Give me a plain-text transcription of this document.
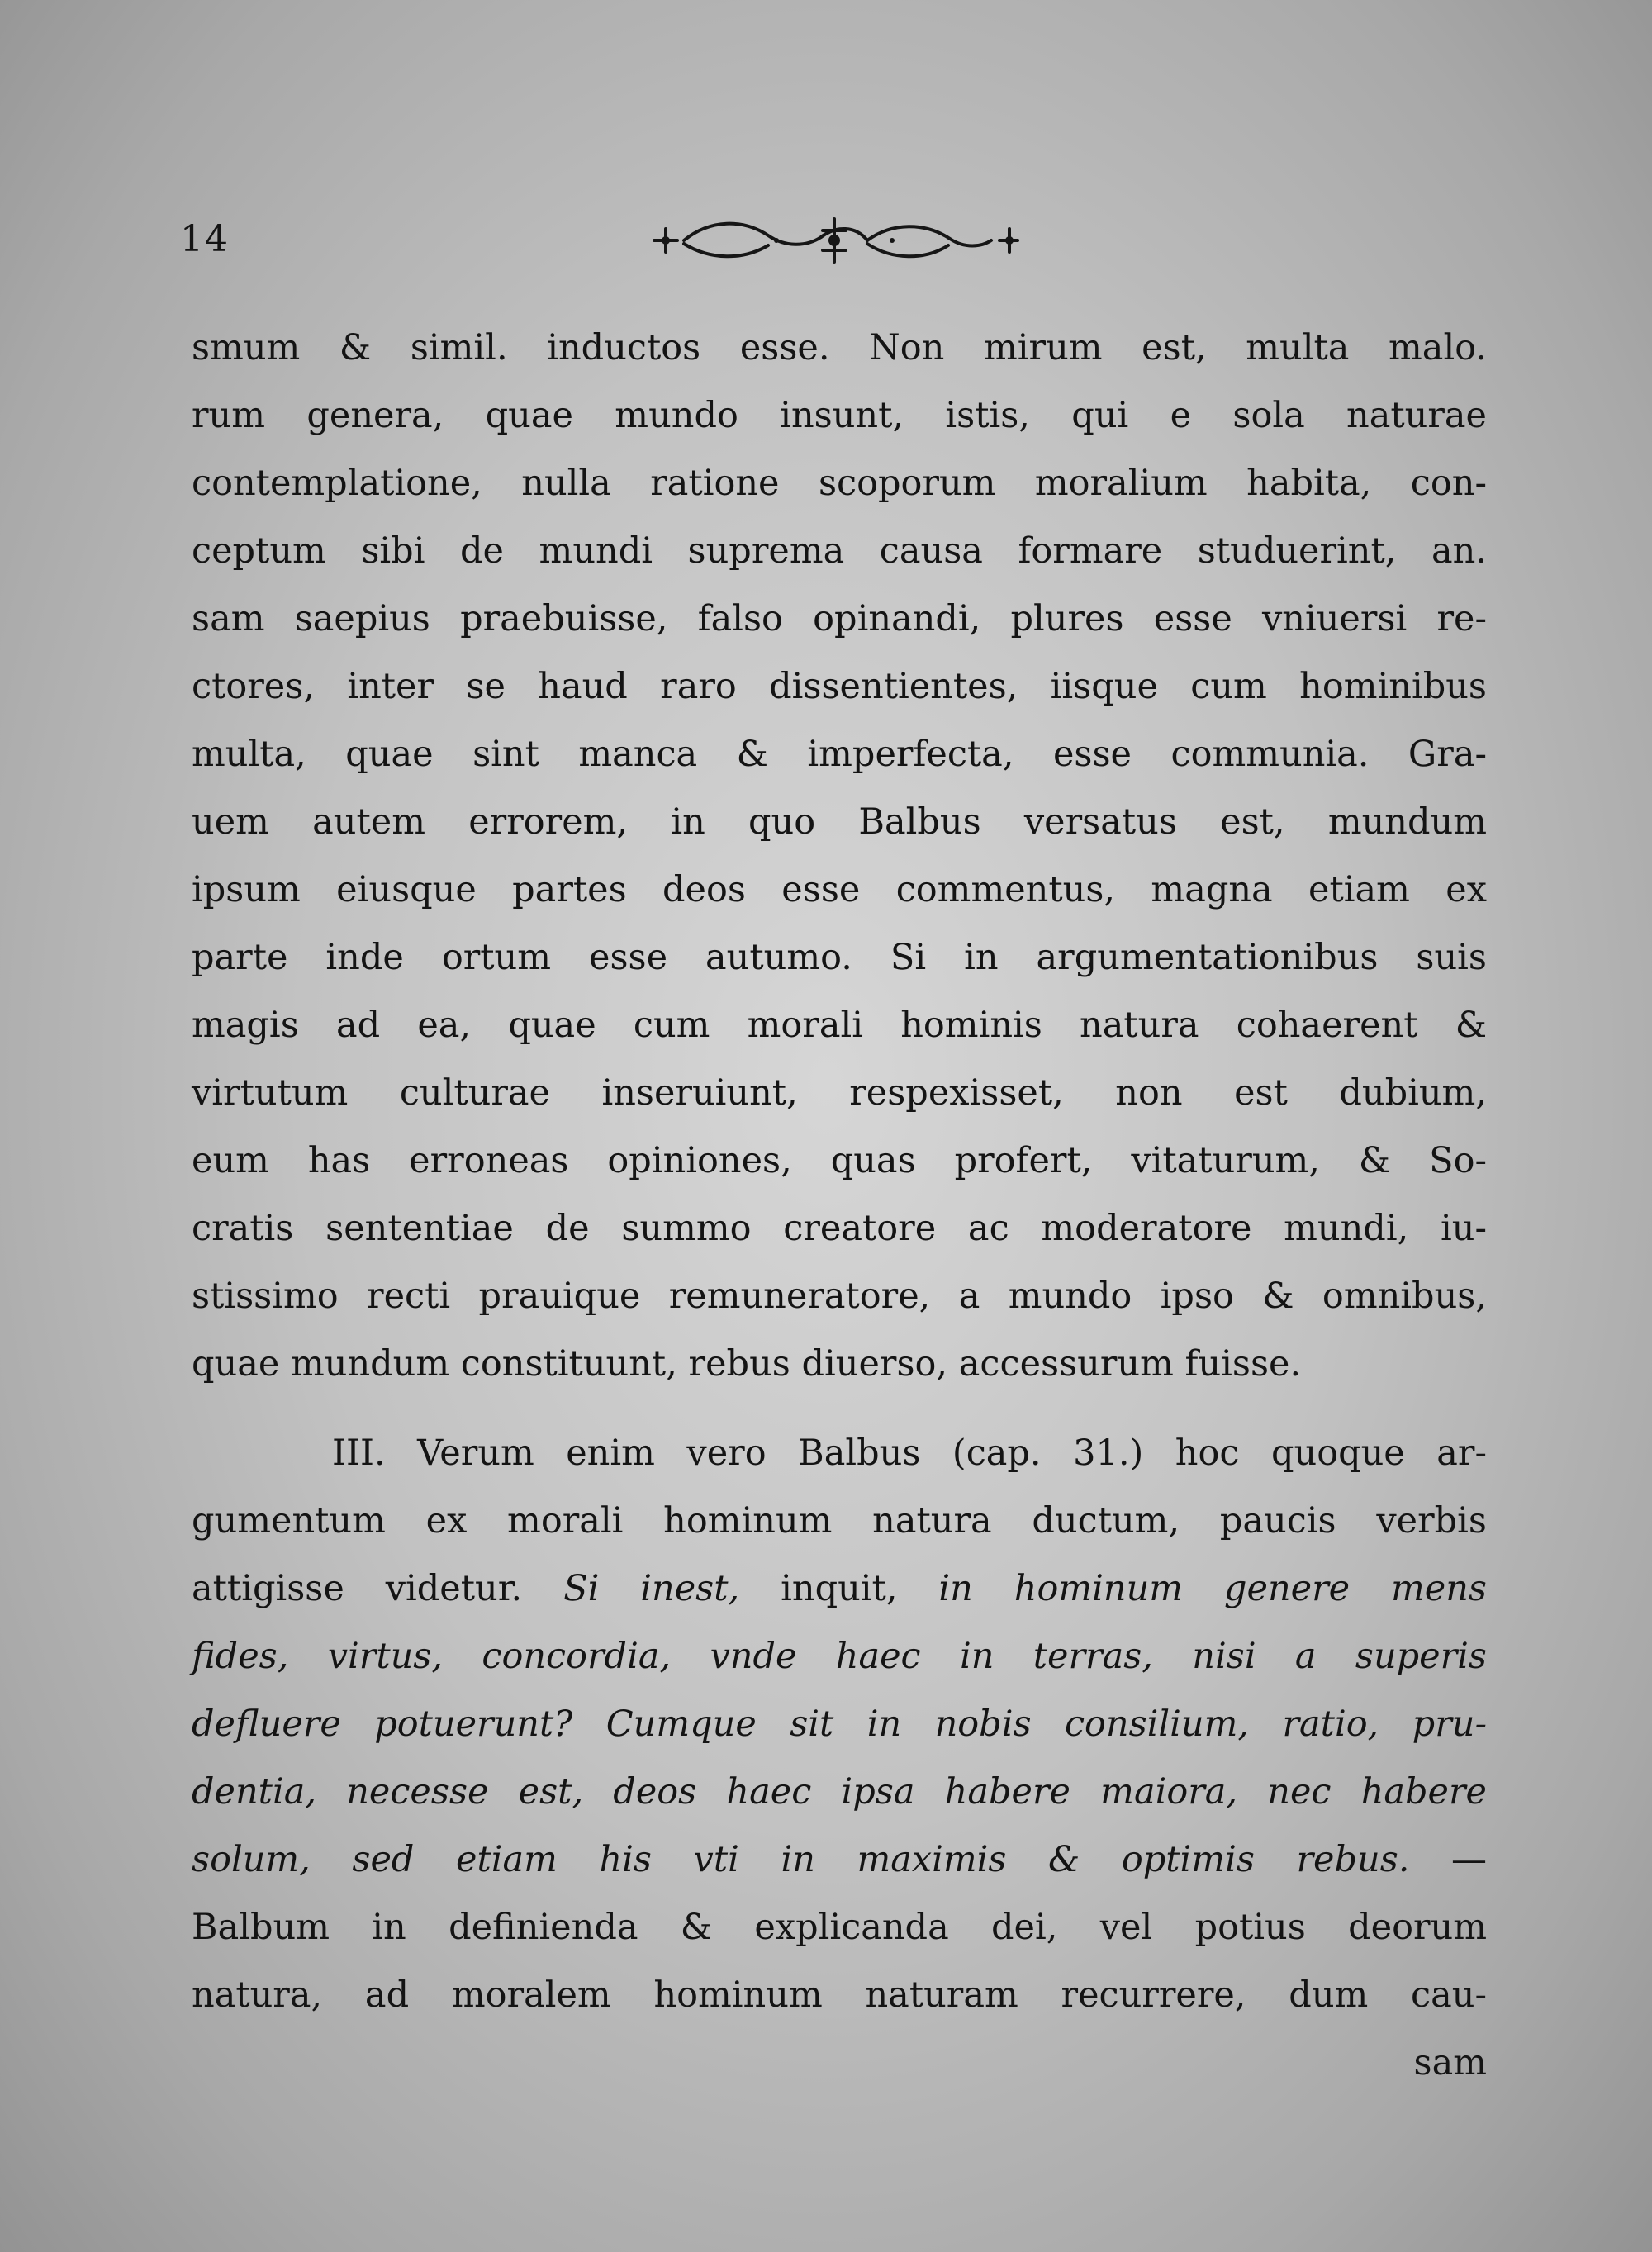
14
smum & simil. inductos esse. Non mirum est, multa malo.
rum genera, quae mundo insunt, istis, qui e sola naturae
contemplatione, nulla ratione scoporum moralium habita, con-
ceptum sibi de mundi suprema causa formare studuerint, an.
sam saepius praebuisse, falso opinandi, plures esse vniuersi re-
ctores, inter se haud raro dissentientes, iisque cum hominibus
multa, quae sint manca & imperfecta, esse communia. Gra-
uem autem errorem, in quo Balbus versatus est, mundum
ipsum eiusque partes deos esse commentus, magna etiam ex
parte inde ortum esse autumo. Si in argumentationibus suis
magis ad ea, quae cum morali hominis natura cohaerent &
virtutum culturae inseruiunt, respexisset, non est dubium,
eum has erroneas opiniones, quas profert, vitaturum, & So-
cratis sententiae de summo creatore ac moderatore mundi, iu-
stissimo recti prauique remuneratore, a mundo ipso & omnibus,
quae mundum constituunt, rebus diuerso, accessurum fuisse.
III. Verum enim vero Balbus (cap. 31.) hoc quoque ar-
gumentum ex morali hominum natura ductum, paucis verbis
attigisse videtur. Si inest, inquit, in hominum genere mens
fides, virtus, concordia, vnde haec in terras, nisi a superis
defluere potuerunt? Cumque sit in nobis consilium, ratio, pru-
dentia, necesse est, deos haec ipsa habere maiora, nec habere
solum, sed etiam his vti in maximis & optimis rebus. —
Balbum in definienda & explicanda dei, vel potius deorum
natura, ad moralem hominum naturam recurrere, dum cau-
sam
